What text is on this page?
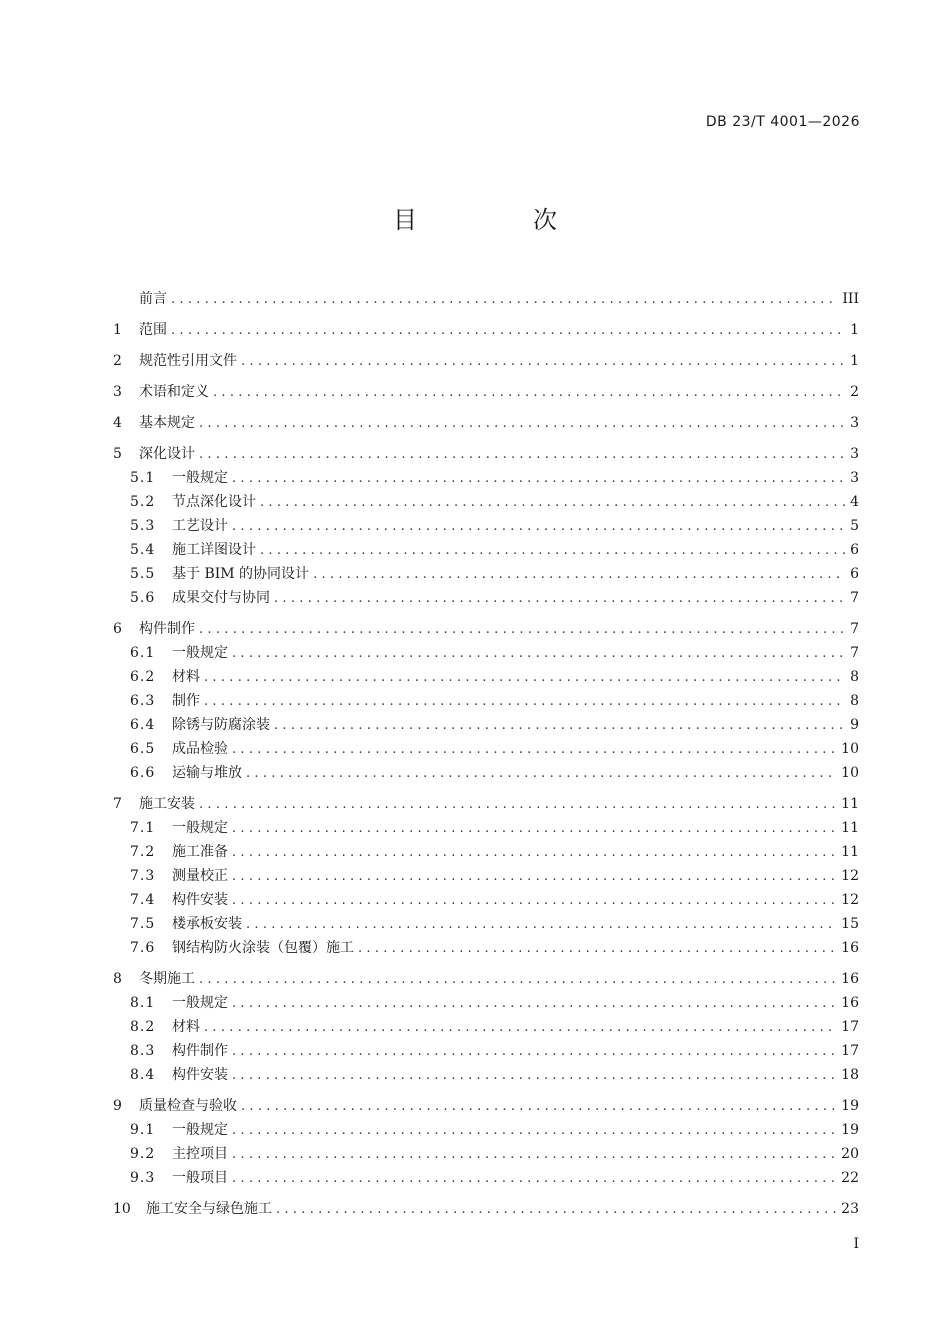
DB 23/T 4001—2026
目　次
前言 .....	III
1	范围 .....	1
2	规范性引用文件 .....	1
3	术语和定义 .....	2
4	基本规定 .....	3
5	深化设计 .....	3
5.1	一般规定 .....	3
5.2	节点深化设计 .....	4
5.3	工艺设计 .....	5
5.4	施工详图设计 .....	6
5.5	基于 BIM 的协同设计 .....	6
5.6	成果交付与协同 .....	7
6	构件制作 .....	7
6.1	一般规定 .....	7
6.2	材料 .....	8
6.3	制作 .....	8
6.4	除锈与防腐涂装 .....	9
6.5	成品检验 .....	10
6.6	运输与堆放 .....	10
7	施工安装 .....	11
7.1	一般规定 .....	11
7.2	施工准备 .....	11
7.3	测量校正 .....	12
7.4	构件安装 .....	12
7.5	楼承板安装 .....	15
7.6	钢结构防火涂装（包覆）施工 .....	16
8	冬期施工 .....	16
8.1	一般规定 .....	16
8.2	材料 .....	17
8.3	构件制作 .....	17
8.4	构件安装 .....	18
9	质量检查与验收 .....	19
9.1	一般规定 .....	19
9.2	主控项目 .....	20
9.3	一般项目 .....	22
10	施工安全与绿色施工 .....	23
I
